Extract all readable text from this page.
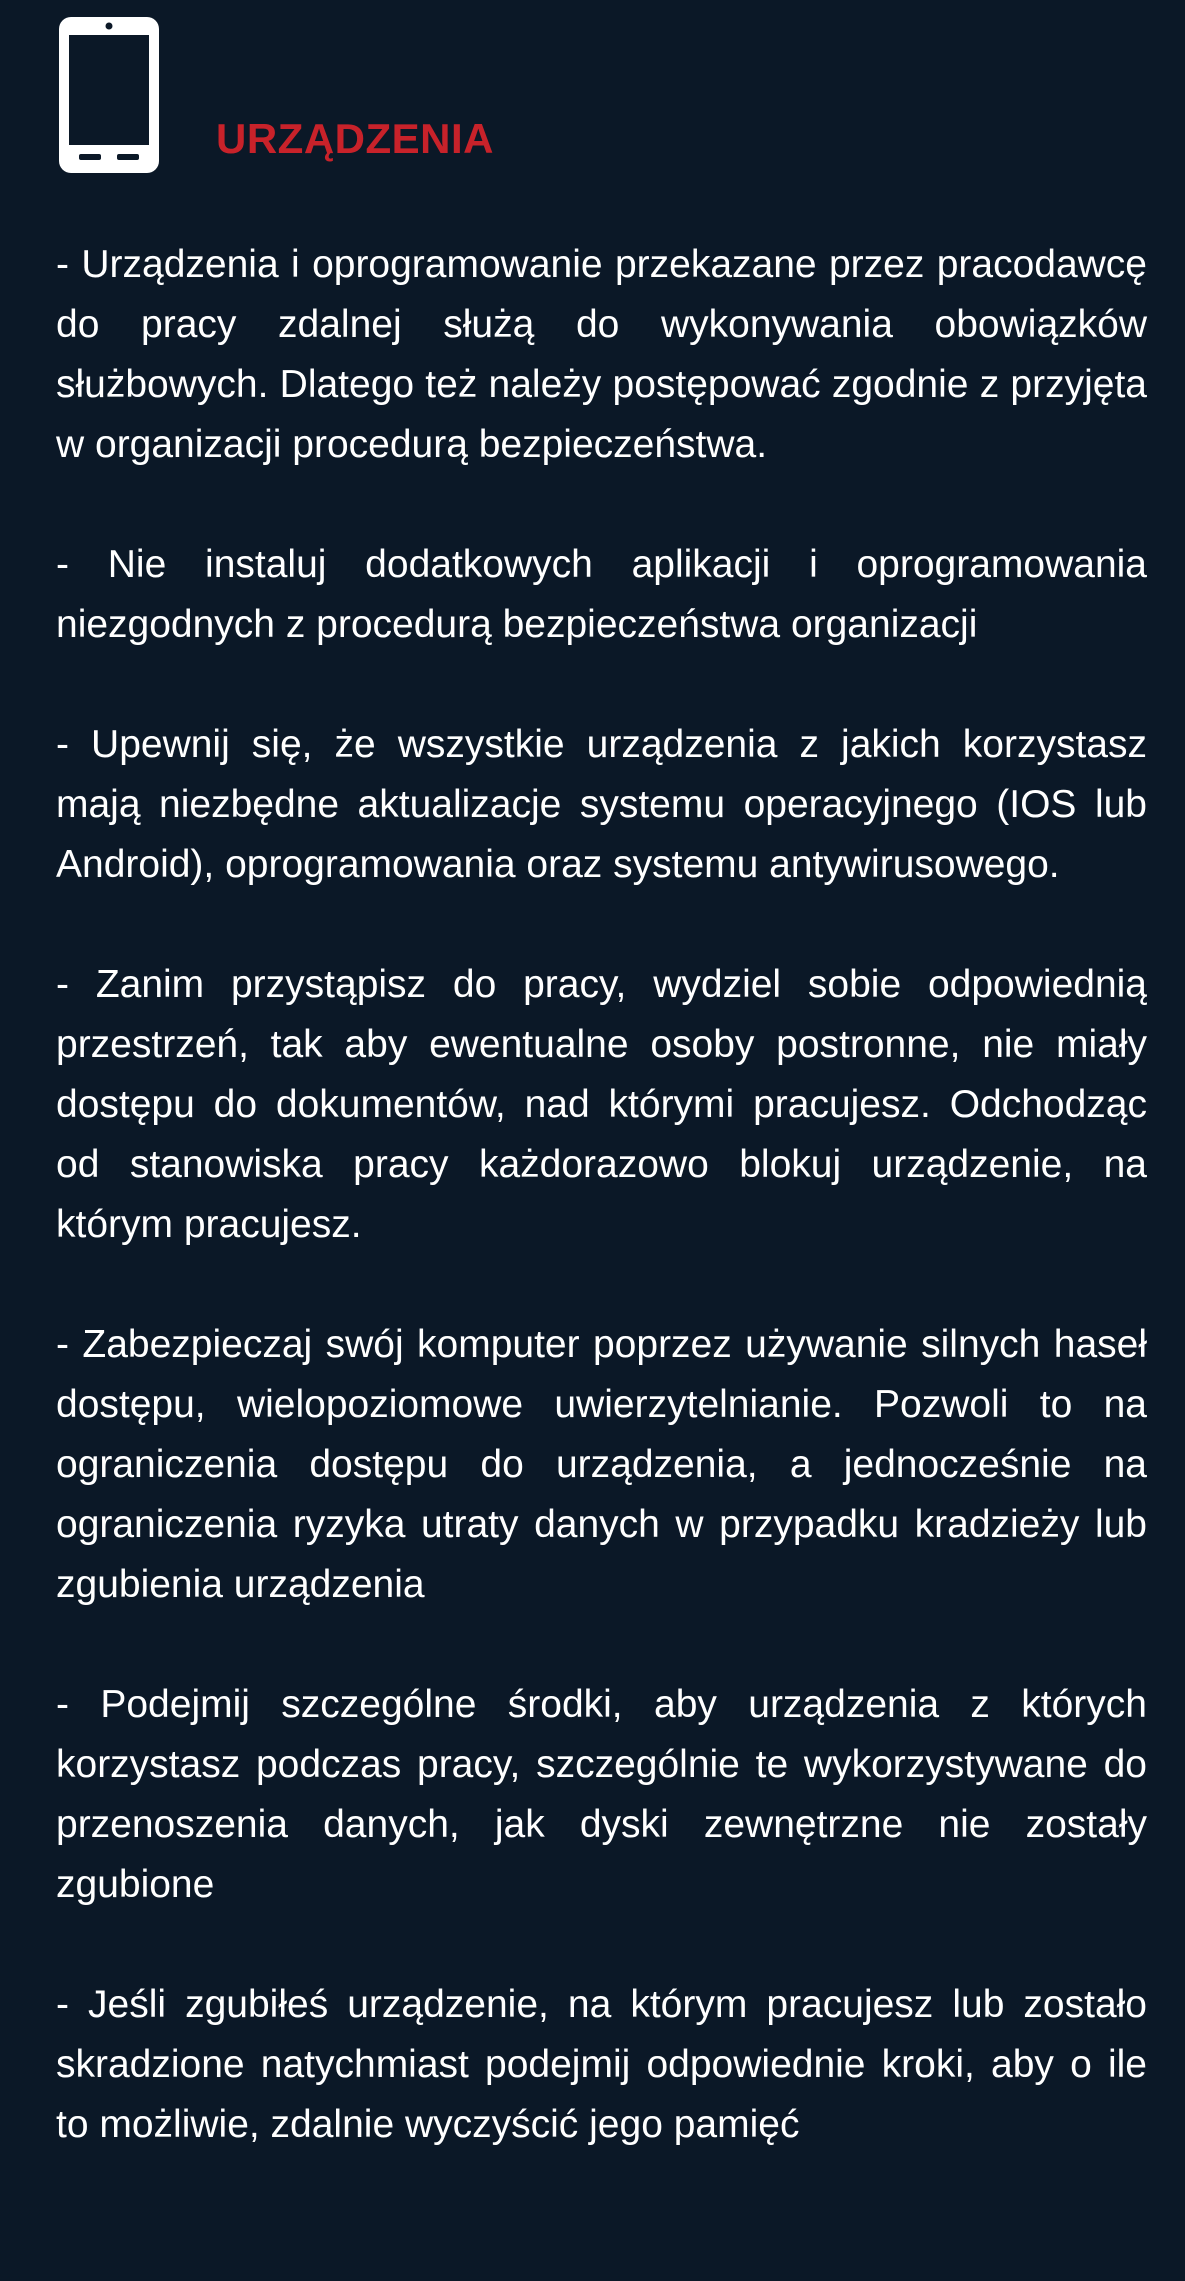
URZĄDZENIA

- Urządzenia i oprogramowanie przekazane przez pracodawcę do pracy zdalnej służą do wykonywania obowiązków służbowych. Dlatego też należy postępować zgodnie z przyjęta w organizacji procedurą bezpieczeństwa.

- Nie instaluj dodatkowych aplikacji i oprogramowania niezgodnych z procedurą bezpieczeństwa organizacji

- Upewnij się, że wszystkie urządzenia z jakich korzystasz mają niezbędne aktualizacje systemu operacyjnego (IOS lub Android), oprogramowania oraz systemu antywirusowego.

- Zanim przystąpisz do pracy, wydziel sobie odpowiednią przestrzeń, tak aby ewentualne osoby postronne, nie miały dostępu do dokumentów, nad którymi pracujesz. Odchodząc od stanowiska pracy każdorazowo blokuj urządzenie, na którym pracujesz.

- Zabezpieczaj swój komputer poprzez używanie silnych haseł dostępu, wielopoziomowe uwierzytelnianie. Pozwoli to na ograniczenia dostępu do urządzenia, a jednocześnie na ograniczenia ryzyka utraty danych w przypadku kradzieży lub zgubienia urządzenia

- Podejmij szczególne środki, aby urządzenia z których korzystasz podczas pracy, szczególnie te wykorzystywane do przenoszenia danych, jak dyski zewnętrzne nie zostały zgubione

- Jeśli zgubiłeś urządzenie, na którym pracujesz lub zostało skradzione natychmiast podejmij odpowiednie kroki, aby o ile to możliwie, zdalnie wyczyścić jego pamięć
